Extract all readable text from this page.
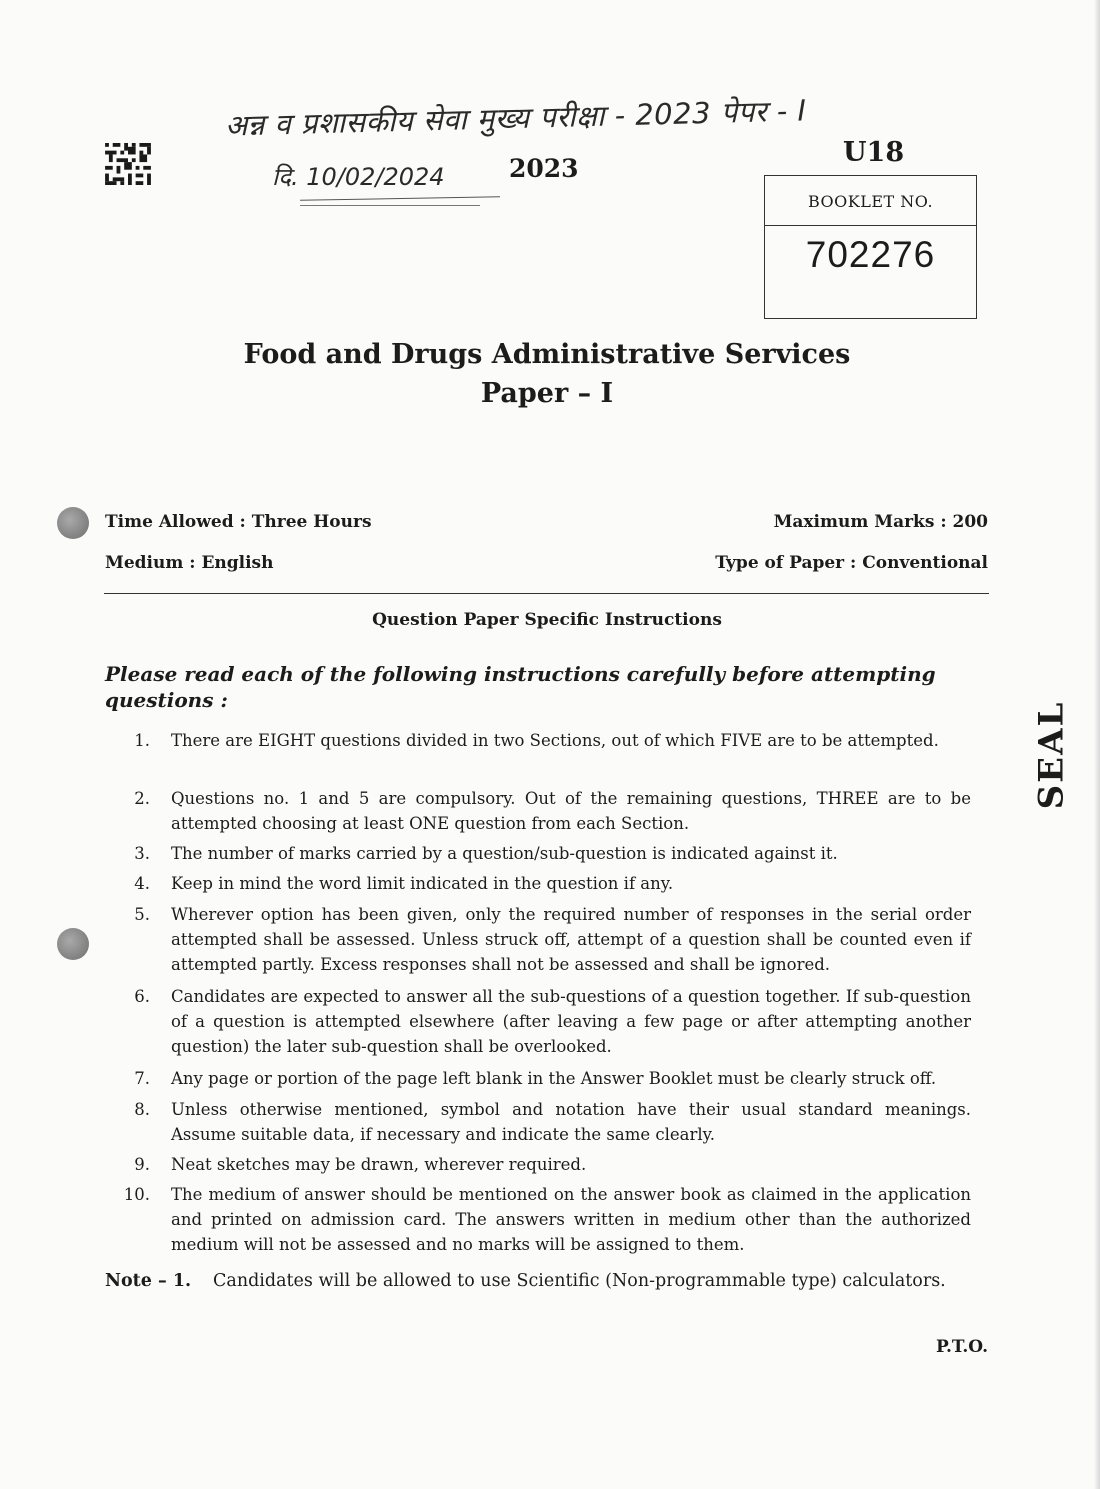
अन्न व प्रशासकीय सेवा मुख्य परीक्षा - 2023 पेपर - I
दि. 10/02/2024	2023
U18
BOOKLET NO.
702276
Food and Drugs Administrative Services
Paper – I
Time Allowed : Three Hours	Maximum Marks : 200
Medium : English	Type of Paper : Conventional
Question Paper Specific Instructions
Please read each of the following instructions carefully before attempting questions :
1. There are EIGHT questions divided in two Sections, out of which FIVE are to be attempted.
2. Questions no. 1 and 5 are compulsory. Out of the remaining questions, THREE are to be attempted choosing at least ONE question from each Section.
3. The number of marks carried by a question/sub-question is indicated against it.
4. Keep in mind the word limit indicated in the question if any.
5. Wherever option has been given, only the required number of responses in the serial order attempted shall be assessed. Unless struck off, attempt of a question shall be counted even if attempted partly. Excess responses shall not be assessed and shall be ignored.
6. Candidates are expected to answer all the sub-questions of a question together. If sub-question of a question is attempted elsewhere (after leaving a few page or after attempting another question) the later sub-question shall be overlooked.
7. Any page or portion of the page left blank in the Answer Booklet must be clearly struck off.
8. Unless otherwise mentioned, symbol and notation have their usual standard meanings. Assume suitable data, if necessary and indicate the same clearly.
9. Neat sketches may be drawn, wherever required.
10. The medium of answer should be mentioned on the answer book as claimed in the application and printed on admission card. The answers written in medium other than the authorized medium will not be assessed and no marks will be assigned to them.
Note – 1. Candidates will be allowed to use Scientific (Non-programmable type) calculators.
P.T.O.
SEAL
